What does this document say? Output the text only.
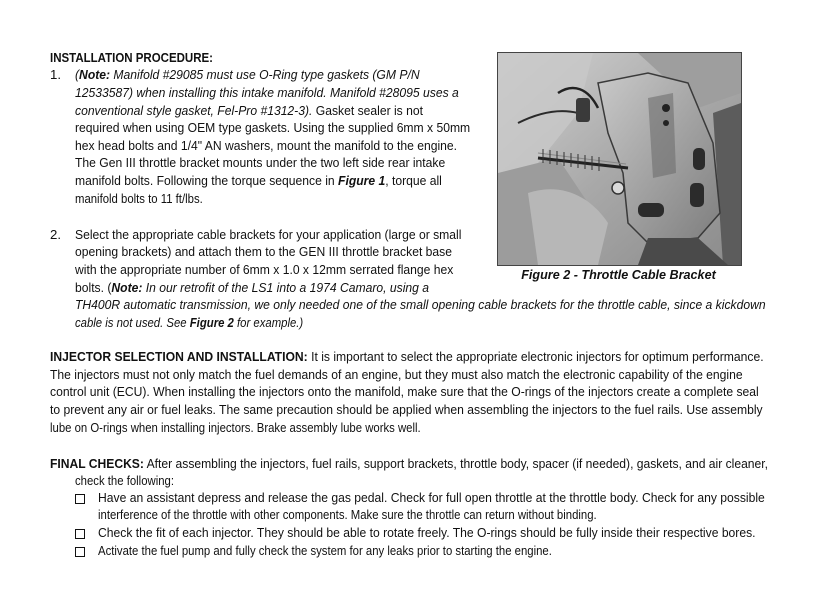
INSTALLATION PROCEDURE:
1.
2.
(Note: Manifold #29085 must use O-Ring type gaskets (GM P/N
12533587) when installing this intake manifold. Manifold #28095 uses a
conventional style gasket, Fel-Pro #1312-3). Gasket sealer is not
required when using OEM type gaskets. Using the supplied 6mm x 50mm
hex head bolts and 1/4" AN washers, mount the manifold to the engine.
The Gen III throttle bracket mounts under the two left side rear intake
manifold bolts. Following the torque sequence in Figure 1, torque all
manifold bolts to 11 ft/lbs.
Select the appropriate cable brackets for your application (large or small
opening brackets) and attach them to the GEN III throttle bracket base
with the appropriate number of 6mm x 1.0 x 12mm serrated flange hex
bolts. (Note: In our retrofit of the LS1 into a 1974 Camaro, using a
TH400R automatic transmission, we only needed one of the small opening cable brackets for the throttle cable, since a kickdown
cable is not used. See Figure 2 for example.)
Figure 2 - Throttle Cable Bracket
INJECTOR SELECTION AND INSTALLATION: It is important to select the appropriate electronic injectors for optimum performance.
The injectors must not only match the fuel demands of an engine, but they must also match the electronic capability of the engine
control unit (ECU). When installing the injectors onto the manifold, make sure that the O-rings of the injectors create a complete seal
to prevent any air or fuel leaks. The same precaution should be applied when assembling the injectors to the fuel rails. Use assembly
lube on O-rings when installing injectors. Brake assembly lube works well.
FINAL CHECKS: After assembling the injectors, fuel rails, support brackets, throttle body, spacer (if needed), gaskets, and air cleaner,
check the following:
Have an assistant depress and release the gas pedal. Check for full open throttle at the throttle body. Check for any possible
interference of the throttle with other components. Make sure the throttle can return without binding.
Check the fit of each injector. They should be able to rotate freely. The O-rings should be fully inside their respective bores.
Activate the fuel pump and fully check the system for any leaks prior to starting the engine.
